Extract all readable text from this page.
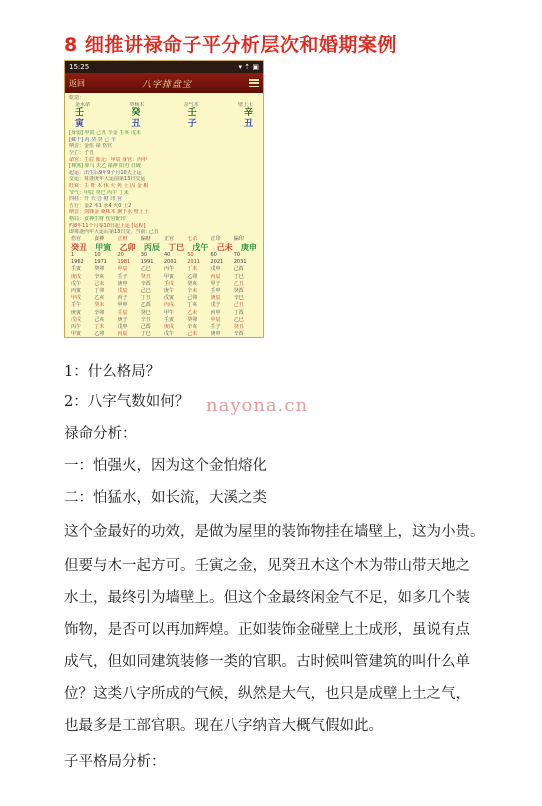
8 细推讲禄命子平分析层次和婚期案例
15:25	▾ ⇡ ▣
返回	八字排盘宝
乾造：
金水命	癸杨木	杂气木	壁上土
壬	癸	壬	辛
寅	丑	子	丑
[身弱] 甲寅 己丑 辛金 壬亥 戊未
[藏干] 丙 癸 癸 己 辛
纳音：金伍 禄 伤官
空亡：子丑
命宫：壬辰 胎元：甲辰 身宫：丙申
[神煞] 驿马 天乙 禄神 阳刃 日破
起运：出生后9年9个月10天上运
交运：每逢庚年大运前第13日交运
旺衰：壬 旺 木 休 火 死 土 囚 金 相
节气：甲辰 癸巳 丙午 丁未
四柱：开 天 合 财 印 官
五行：金2 木1 水4 火0 土2
纳音：剑锋金 桑柘木 涧下水 壁上土
格局：食神生财 伤官配印
约8年11个月零10日起上运 [运程]
即每逢丙年大运后第13日交，当前: 己丑
伤官	食神	正财	偏财	正官	七杀	正印	偏印
癸丑 甲寅 乙卯 丙辰 丁巳 戊午 己未 庚申
1	10	20	30	40	50	60	70
1962	1971	1981	1991	2001	2011	2021	2031
壬寅	癸卯	甲辰	乙巳	丙午	丁未	戊申	己酉
庚戌	辛亥	壬子	癸丑	甲寅	乙卯	丙辰	丁巳
戊午	己未	庚申	辛酉	壬戌	癸亥	甲子	乙丑
丙寅	丁卯	戊辰	己巳	庚午	辛未	壬申	癸酉
甲戌	乙亥	丙子	丁丑	戊寅	己卯	庚辰	辛巳
壬午	癸未	甲申	乙酉	丙戌	丁亥	戊子	己丑
庚寅	辛卯	壬辰	癸巳	甲午	乙未	丙申	丁酉
戊戌	己亥	庚子	辛丑	壬寅	癸卯	甲辰	乙巳
丙午	丁未	戊申	己酉	庚戌	辛亥	壬子	癸丑
甲寅	乙卯	丙辰	丁巳	戊午	己未	庚申	辛酉
nayona.cn

1：什么格局？

2：八字气数如何？

禄命分析：

一：怕强火，因为这个金怕熔化

二：怕猛水，如长流，大溪之类

这个金最好的功效，是做为屋里的装饰物挂在墙壁上，这为小贵。

但要与木一起方可。壬寅之金，见癸丑木这个木为带山带天地之

水土，最终引为墙壁上。但这个金最终闲金气不足，如多几个装

饰物，是否可以再加辉煌。正如装饰金碰壁上土成形，虽说有点

成气，但如同建筑装修一类的官职。古时候叫管建筑的叫什么单

位？这类八字所成的气候，纵然是大气，也只是成壁上土之气，

也最多是工部官职。现在八字纳音大概气假如此。

子平格局分析：
